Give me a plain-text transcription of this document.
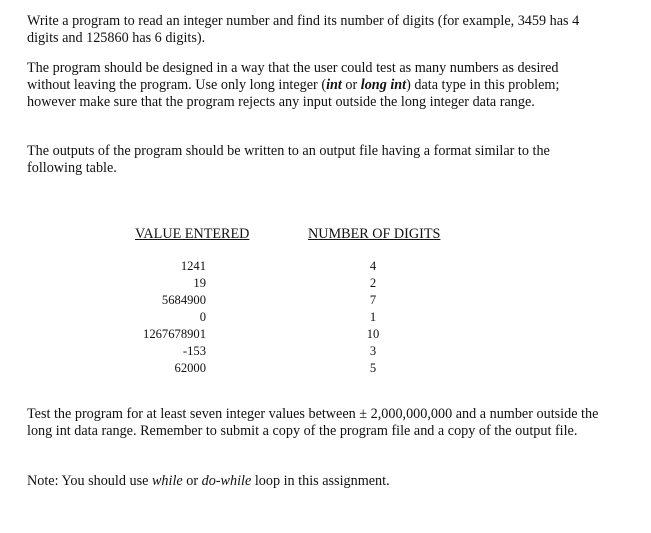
Write a program to read an integer number and find its number of digits (for example, 3459 has 4 digits and 125860 has 6 digits).

The program should be designed in a way that the user could test as many numbers as desired without leaving the program. Use only long integer (int or long int) data type in this problem; however make sure that the program rejects any input outside the long integer data range.

The outputs of the program should be written to an output file having a format similar to the following table.

VALUE ENTERED	NUMBER OF DIGITS
1241
19
5684900
0
1267678901
-153
62000
4
2
7
1
10
3
5

Test the program for at least seven integer values between ± 2,000,000,000 and a number outside the long int data range. Remember to submit a copy of the program file and a copy of the output file.

Note: You should use while or do-while loop in this assignment.
